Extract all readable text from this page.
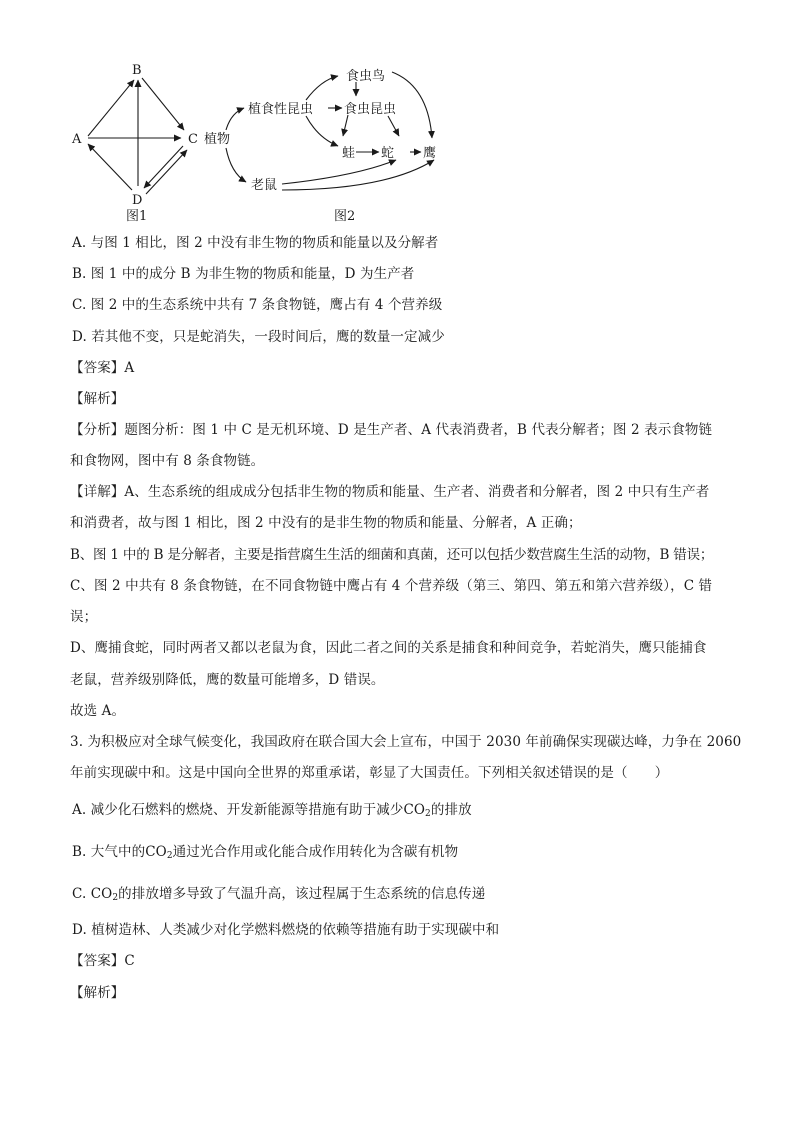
B
A	C
D
图1
植物
植食性昆虫
食虫鸟
食虫昆虫
蛙 蛇 鹰
老鼠
图2
A. 与图 1 相比，图 2 中没有非生物的物质和能量以及分解者
B. 图 1 中的成分 B 为非生物的物质和能量，D 为生产者
C. 图 2 中的生态系统中共有 7 条食物链，鹰占有 4 个营养级
D. 若其他不变，只是蛇消失，一段时间后，鹰的数量一定减少
【答案】A
【解析】
【分析】题图分析：图 1 中 C 是无机环境、D 是生产者、A 代表消费者，B 代表分解者；图 2 表示食物链
和食物网，图中有 8 条食物链。
【详解】A、生态系统的组成成分包括非生物的物质和能量、生产者、消费者和分解者，图 2 中只有生产者
和消费者，故与图 1 相比，图 2 中没有的是非生物的物质和能量、分解者，A 正确；
B、图 1 中的 B 是分解者，主要是指营腐生生活的细菌和真菌，还可以包括少数营腐生生活的动物，B 错误；
C、图 2 中共有 8 条食物链，在不同食物链中鹰占有 4 个营养级（第三、第四、第五和第六营养级），C 错
误；
D、鹰捕食蛇，同时两者又都以老鼠为食，因此二者之间的关系是捕食和种间竞争，若蛇消失，鹰只能捕食
老鼠，营养级别降低，鹰的数量可能增多，D 错误。
故选 A。
3. 为积极应对全球气候变化，我国政府在联合国大会上宣布，中国于 2030 年前确保实现碳达峰，力争在 2060
年前实现碳中和。这是中国向全世界的郑重承诺，彰显了大国责任。下列相关叙述错误的是（　　）
A. 减少化石燃料的燃烧、开发新能源等措施有助于减少$CO_2$的排放
B. 大气中的$CO_2$通过光合作用或化能合成作用转化为含碳有机物
C. $CO_2$的排放增多导致了气温升高，该过程属于生态系统的信息传递
D. 植树造林、人类减少对化学燃料燃烧的依赖等措施有助于实现碳中和
【答案】C
【解析】
